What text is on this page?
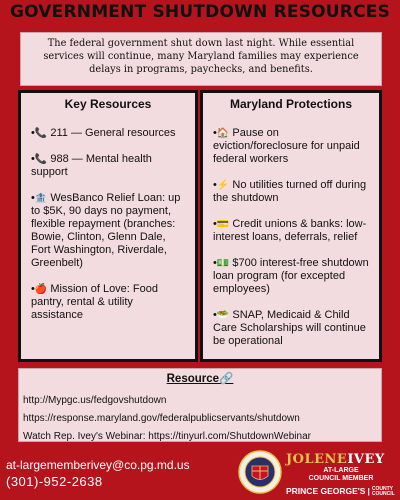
GOVERNMENT SHUTDOWN RESOURCES
The federal government shut down last night. While essential services will continue, many Maryland families may experience delays in programs, paychecks, and benefits.
Key Resources
•📞 211 — General resources
•📞 988 — Mental health support
•🏦 WesBanco Relief Loan: up to $5K, 90 days no payment, flexible repayment (branches: Bowie, Clinton, Glenn Dale, Fort Washington, Riverdale, Greenbelt)
•🍎 Mission of Love: Food pantry, rental & utility assistance
Maryland Protections
•🏠 Pause on eviction/foreclosure for unpaid federal workers
•⚡ No utilities turned off during the shutdown
•💳 Credit unions & banks: low-interest loans, deferrals, relief
•💵 $700 interest-free shutdown loan program (for excepted employees)
•🥗 SNAP, Medicaid & Child Care Scholarships will continue be operational
Resource🔗
http://Mypgc.us/fedgovshutdown
https://response.maryland.gov/federalpublicservants/shutdown
Watch Rep. Ivey's Webinar: https://tinyurl.com/ShutdownWebinar
at-largememberivey@co.pg.md.us
(301)-952-2638
JOLENEIVEY
AT-LARGE
COUNCIL MEMBER
PRINCE GEORGE'S | COUNTY
COUNCIL
